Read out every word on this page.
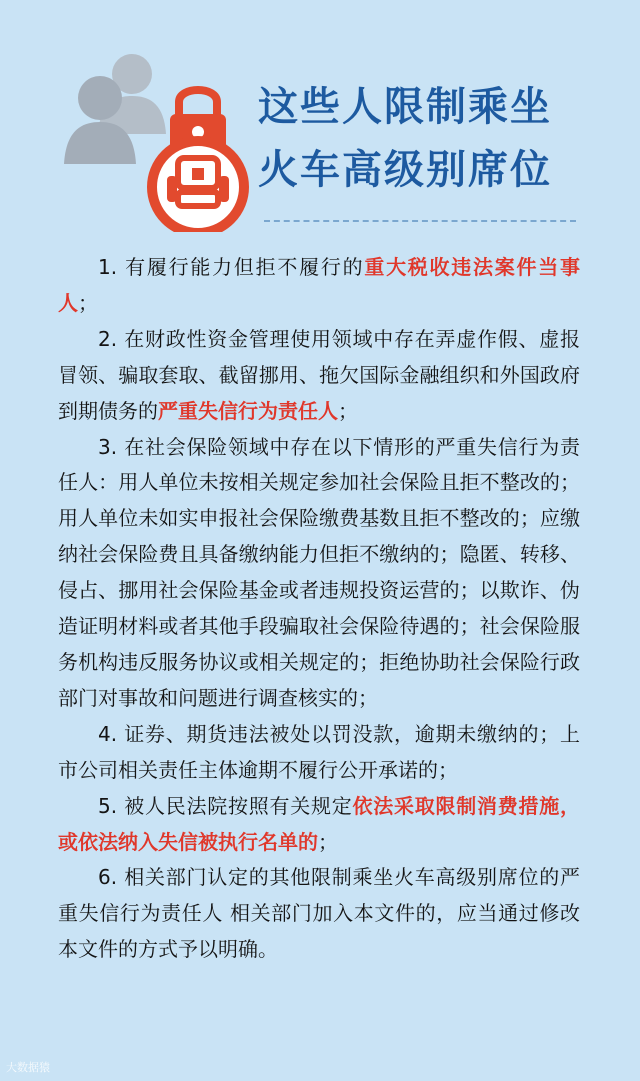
这些人限制乘坐
火车高级别席位

1. 有履行能力但拒不履行的重大税收违法案件当事人；

2. 在财政性资金管理使用领域中存在弄虚作假、虚报冒领、骗取套取、截留挪用、拖欠国际金融组织和外国政府到期债务的严重失信行为责任人；

3. 在社会保险领域中存在以下情形的严重失信行为责任人：用人单位未按相关规定参加社会保险且拒不整改的；用人单位未如实申报社会保险缴费基数且拒不整改的；应缴纳社会保险费且具备缴纳能力但拒不缴纳的；隐匿、转移、侵占、挪用社会保险基金或者违规投资运营的；以欺诈、伪造证明材料或者其他手段骗取社会保险待遇的；社会保险服务机构违反服务协议或相关规定的；拒绝协助社会保险行政部门对事故和问题进行调查核实的；

4. 证券、期货违法被处以罚没款，逾期未缴纳的；上市公司相关责任主体逾期不履行公开承诺的；

5. 被人民法院按照有关规定依法采取限制消费措施，或依法纳入失信被执行名单的；

6. 相关部门认定的其他限制乘坐火车高级别席位的严重失信行为责任人 相关部门加入本文件的，应当通过修改本文件的方式予以明确。

大数据猿
